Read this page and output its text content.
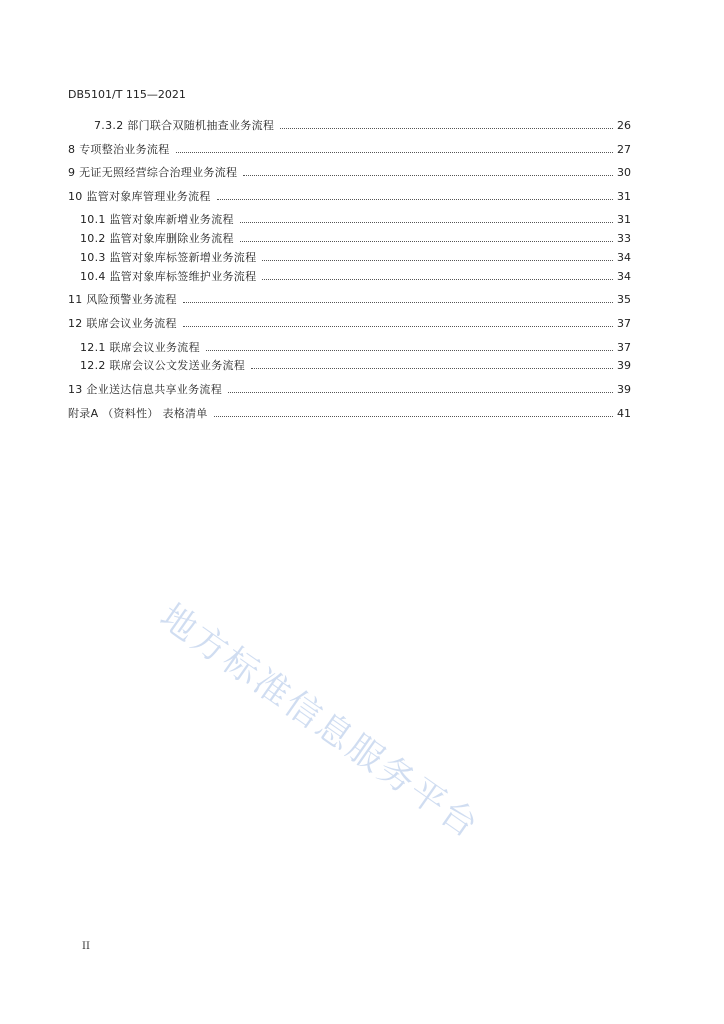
DB5101/T 115—2021
7.3.2 部门联合双随机抽查业务流程	26
8 专项整治业务流程	27
9 无证无照经营综合治理业务流程	30
10 监管对象库管理业务流程	31
10.1 监管对象库新增业务流程	31
10.2 监管对象库删除业务流程	33
10.3 监管对象库标签新增业务流程	34
10.4 监管对象库标签维护业务流程	34
11 风险预警业务流程	35
12 联席会议业务流程	37
12.1 联席会议业务流程	37
12.2 联席会议公文发送业务流程	39
13 企业送达信息共享业务流程	39
附录A （资料性） 表格清单	41
地方标准信息服务平台
II
